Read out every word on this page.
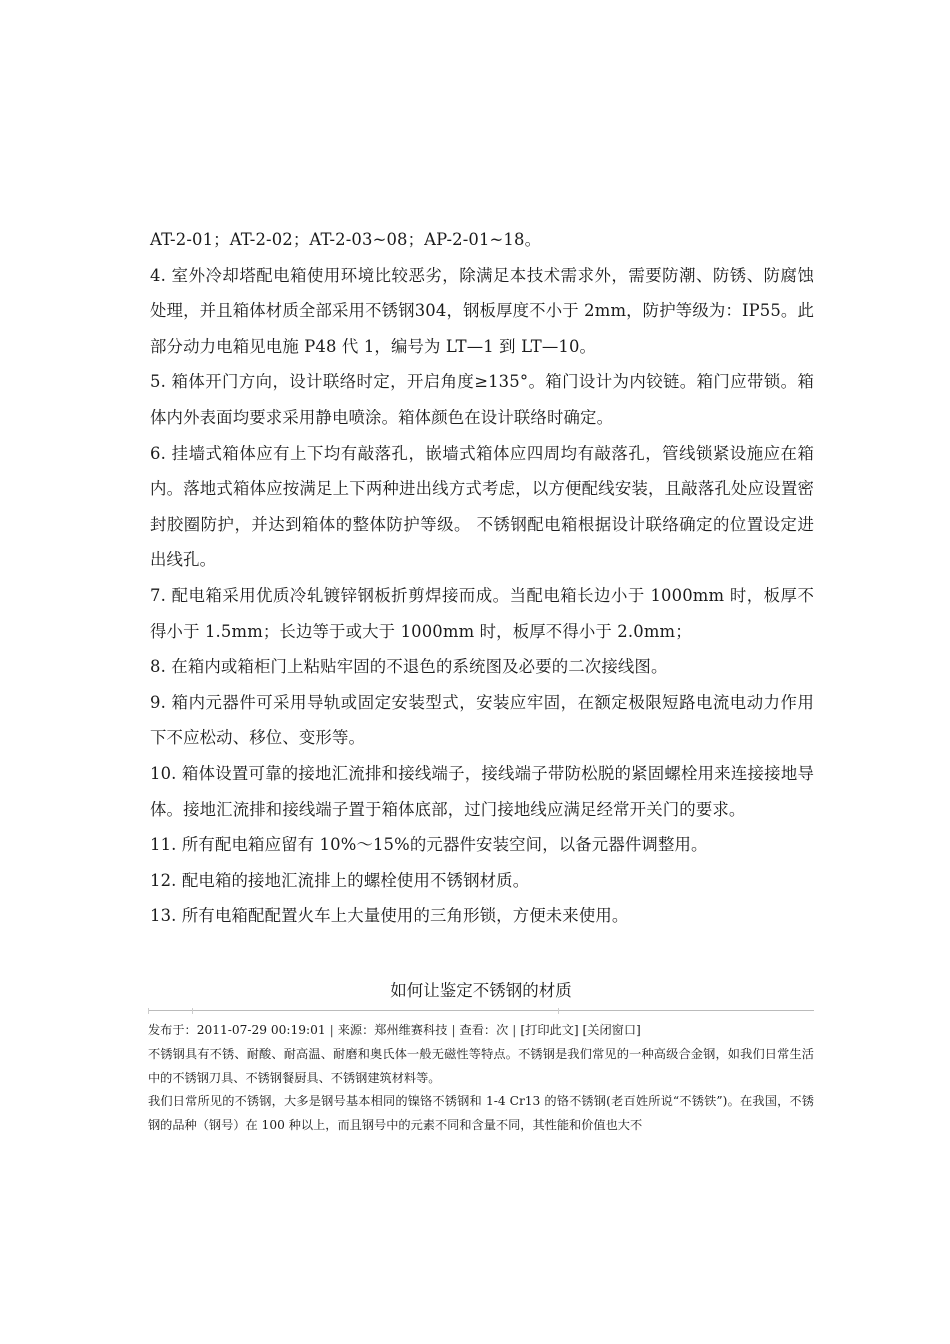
AT-2-01；AT-2-02；AT-2-03~08；AP-2-01~18。

4. 室外冷却塔配电箱使用环境比较恶劣，除满足本技术需求外，需要防潮、防锈、防腐蚀处理，并且箱体材质全部采用不锈钢304，钢板厚度不小于 2mm，防护等级为：IP55。此部分动力电箱见电施 P48 代 1，编号为 LT—1 到 LT—10。

5. 箱体开门方向，设计联络时定，开启角度≥135°。箱门设计为内铰链。箱门应带锁。箱体内外表面均要求采用静电喷涂。箱体颜色在设计联络时确定。

6. 挂墙式箱体应有上下均有敲落孔，嵌墙式箱体应四周均有敲落孔，管线锁紧设施应在箱内。落地式箱体应按满足上下两种进出线方式考虑，以方便配线安装，且敲落孔处应设置密封胶圈防护，并达到箱体的整体防护等级。 不锈钢配电箱根据设计联络确定的位置设定进出线孔。

7. 配电箱采用优质冷轧镀锌钢板折剪焊接而成。当配电箱长边小于 1000mm 时，板厚不得小于 1.5mm；长边等于或大于 1000mm 时，板厚不得小于 2.0mm；

8. 在箱内或箱柜门上粘贴牢固的不退色的系统图及必要的二次接线图。

9. 箱内元器件可采用导轨或固定安装型式，安装应牢固，在额定极限短路电流电动力作用下不应松动、移位、变形等。

10. 箱体设置可靠的接地汇流排和接线端子，接线端子带防松脱的紧固螺栓用来连接接地导体。接地汇流排和接线端子置于箱体底部，过门接地线应满足经常开关门的要求。

11. 所有配电箱应留有 10%～15%的元器件安装空间，以备元器件调整用。

12. 配电箱的接地汇流排上的螺栓使用不锈钢材质。

13. 所有电箱配配置火车上大量使用的三角形锁，方便未来使用。

如何让鉴定不锈钢的材质
发布于：2011-07-29 00:19:01 | 来源：郑州维赛科技 | 查看：次 | [打印此文] [关闭窗口]

不锈钢具有不锈、耐酸、耐高温、耐磨和奥氏体一般无磁性等特点。不锈钢是我们常见的一种高级合金钢，如我们日常生活中的不锈钢刀具、不锈钢餐厨具、不锈钢建筑材料等。

我们日常所见的不锈钢，大多是钢号基本相同的镍铬不锈钢和 1-4 Cr13 的铬不锈钢(老百姓所说“不锈铁”)。在我国，不锈钢的品种（钢号）在 100 种以上，而且钢号中的元素不同和含量不同，其性能和价值也大不
